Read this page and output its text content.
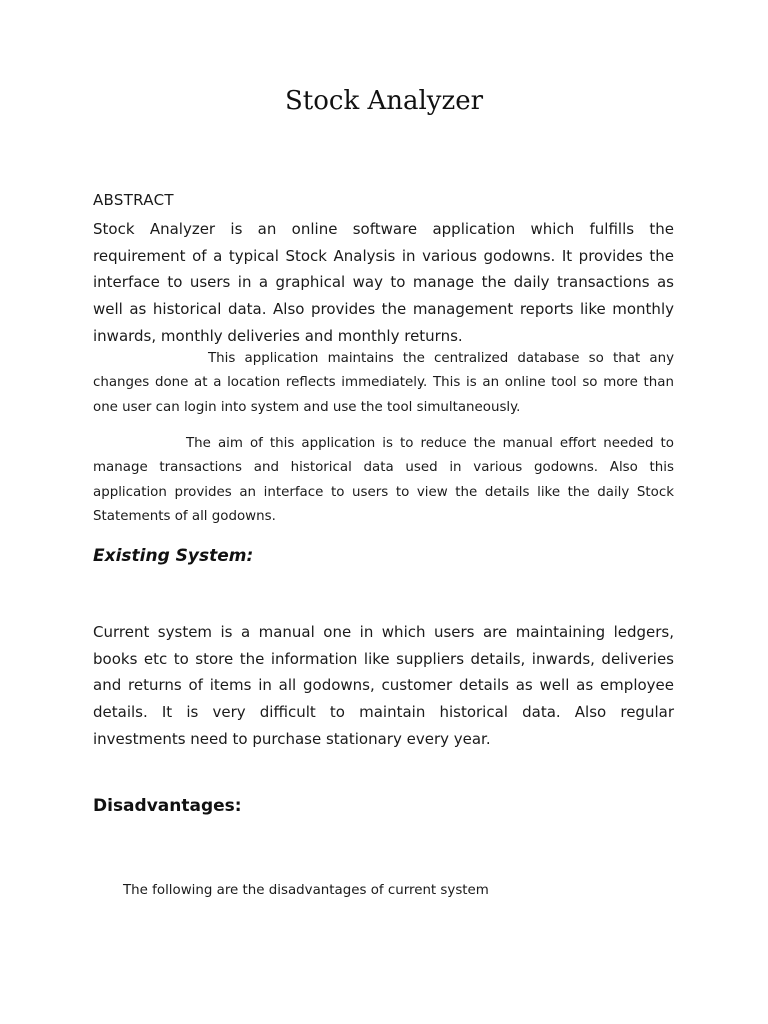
Stock Analyzer

ABSTRACT

Stock Analyzer is an online software application which fulfills the requirement of a typical Stock Analysis in various godowns. It provides the interface to users in a graphical way to manage the daily transactions as well as historical data. Also provides the management reports like monthly inwards, monthly deliveries and monthly returns.

This application maintains the centralized database so that any changes done at a location reflects immediately. This is an online tool so more than one user can login into system and use the tool simultaneously.

The aim of this application is to reduce the manual effort needed to manage transactions and historical data used in various godowns. Also this application provides an interface to users to view the details like the daily Stock Statements of all godowns.

Existing System:

Current system is a manual one in which users are maintaining ledgers, books etc to store the information like suppliers details, inwards, deliveries and returns of items in all godowns, customer details as well as employee details. It is very difficult to maintain historical data. Also regular investments need to purchase stationary every year.

Disadvantages:

The following are the disadvantages of current system
